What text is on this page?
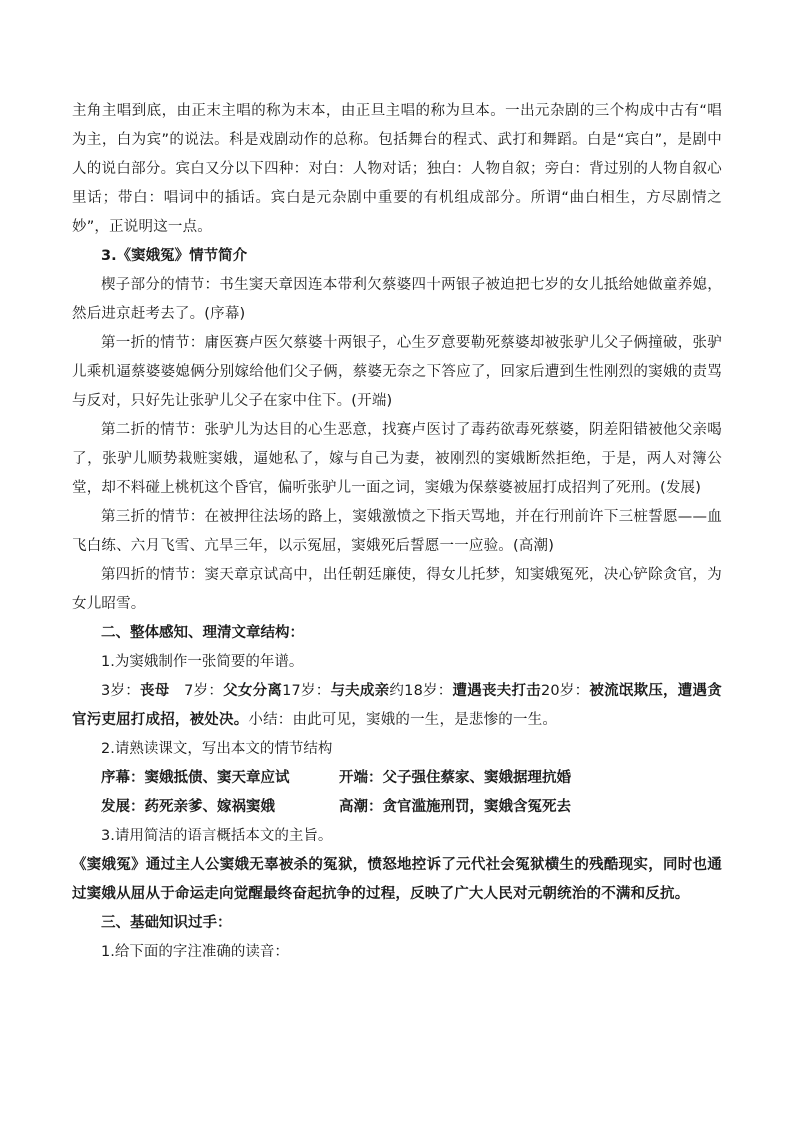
主角主唱到底，由正末主唱的称为末本，由正旦主唱的称为旦本。一出元杂剧的三个构成中古有“唱为主，白为宾”的说法。科是戏剧动作的总称。包括舞台的程式、武打和舞蹈。白是“宾白”，是剧中人的说白部分。宾白又分以下四种：对白：人物对话；独白：人物自叙；旁白：背过别的人物自叙心里话；带白：唱词中的插话。宾白是元杂剧中重要的有机组成部分。所谓“曲白相生，方尽剧情之妙”，正说明这一点。

3.《窦娥冤》情节简介

楔子部分的情节：书生窦天章因连本带利欠蔡婆四十两银子被迫把七岁的女儿抵给她做童养媳，然后进京赶考去了。(序幕)

第一折的情节：庸医赛卢医欠蔡婆十两银子，心生歹意要勒死蔡婆却被张驴儿父子俩撞破，张驴儿乘机逼蔡婆婆媳俩分别嫁给他们父子俩，蔡婆无奈之下答应了，回家后遭到生性刚烈的窦娥的责骂与反对，只好先让张驴儿父子在家中住下。(开端)

第二折的情节：张驴儿为达目的心生恶意，找赛卢医讨了毒药欲毒死蔡婆，阴差阳错被他父亲喝了，张驴儿顺势栽赃窦娥，逼她私了，嫁与自己为妻，被刚烈的窦娥断然拒绝，于是，两人对簿公堂，却不料碰上桃杌这个昏官，偏听张驴儿一面之词，窦娥为保蔡婆被屈打成招判了死刑。(发展)

第三折的情节：在被押往法场的路上，窦娥激愤之下指天骂地，并在行刑前许下三桩誓愿——血飞白练、六月飞雪、亢旱三年，以示冤屈，窦娥死后誓愿一一应验。(高潮)

第四折的情节：窦天章京试高中，出任朝廷廉使，得女儿托梦，知窦娥冤死，决心铲除贪官，为女儿昭雪。

二、整体感知、理清文章结构：

1.为窦娥制作一张简要的年谱。

3岁：丧母  7岁：父女分离17岁：与夫成亲约18岁：遭遇丧夫打击20岁：被流氓欺压，遭遇贪官污吏屈打成招，被处决。小结：由此可见，窦娥的一生，是悲惨的一生。

2.请熟读课文，写出本文的情节结构

序幕：窦娥抵债、窦天章应试	开端：父子强住蔡家、窦娥据理抗婚

发展：药死亲爹、嫁祸窦娥	高潮：贪官滥施刑罚，窦娥含冤死去

3.请用简洁的语言概括本文的主旨。

《窦娥冤》通过主人公窦娥无辜被杀的冤狱，愤怒地控诉了元代社会冤狱横生的残酷现实，同时也通过窦娥从屈从于命运走向觉醒最终奋起抗争的过程，反映了广大人民对元朝统治的不满和反抗。

三、基础知识过手：

1.给下面的字注准确的读音：
